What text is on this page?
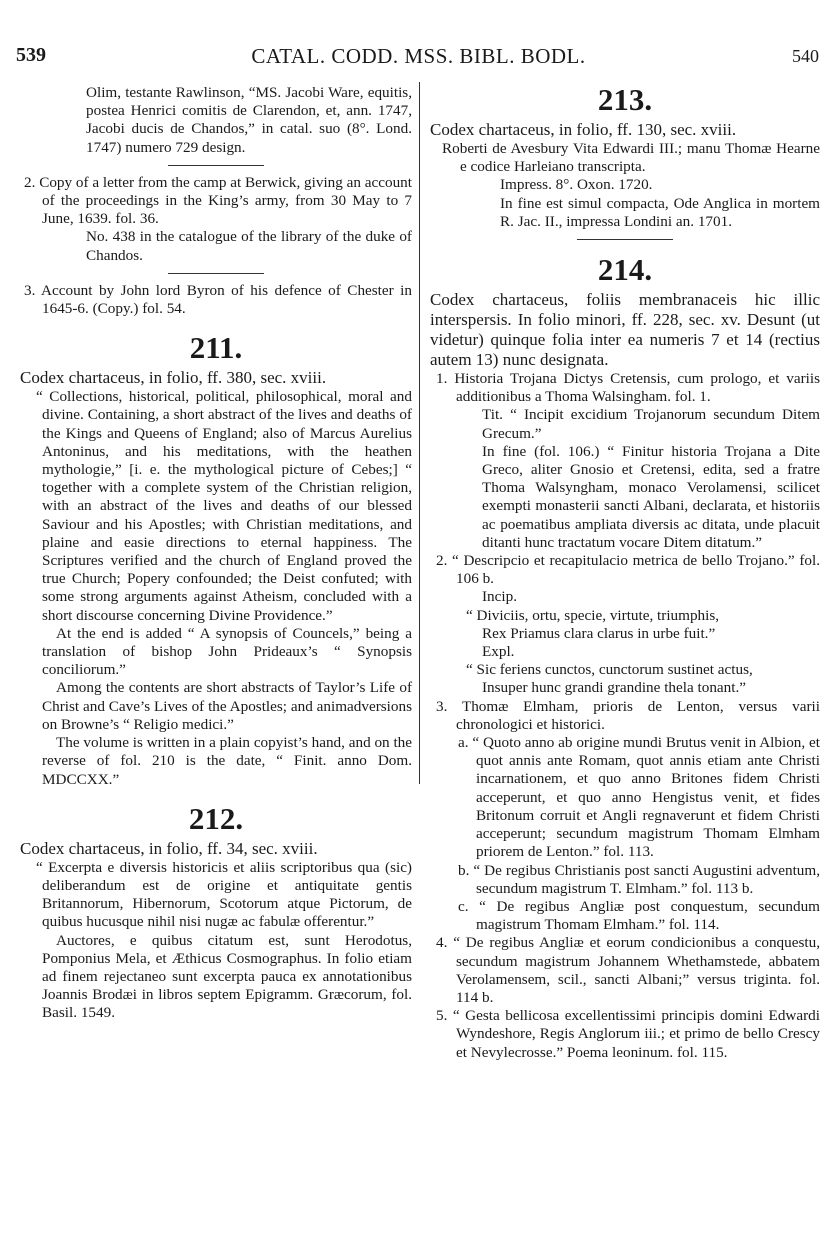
539	CATAL. CODD. MSS. BIBL. BODL.	540

Olim, testante Rawlinson, “MS. Jacobi Ware, equitis, postea Henrici comitis de Clarendon, et, ann. 1747, Jacobi ducis de Chandos,” in catal. suo (8°. Lond. 1747) numero 729 design.

2. Copy of a letter from the camp at Berwick, giving an account of the proceedings in the King’s army, from 30 May to 7 June, 1639. fol. 36.

No. 438 in the catalogue of the library of the duke of Chandos.

3. Account by John lord Byron of his defence of Chester in 1645-6. (Copy.) fol. 54.

211.

Codex chartaceus, in folio, ff. 380, sec. xviii.

“ Collections, historical, political, philosophical, moral and divine. Containing, a short abstract of the lives and deaths of the Kings and Queens of England; also of Marcus Aurelius Antoninus, and his meditations, with the heathen mythologie,” [i. e. the mythological picture of Cebes;] “ together with a complete system of the Christian religion, with an abstract of the lives and deaths of our blessed Saviour and his Apostles; with Christian meditations, and plaine and easie directions to eternal happiness. The Scriptures verified and the church of England proved the true Church; Popery confounded; the Deist confuted; with some strong arguments against Atheism, concluded with a short discourse concerning Divine Providence.”

At the end is added “ A synopsis of Councels,” being a translation of bishop John Prideaux’s “ Synopsis conciliorum.”

Among the contents are short abstracts of Taylor’s Life of Christ and Cave’s Lives of the Apostles; and animadversions on Browne’s “ Religio medici.”

The volume is written in a plain copyist’s hand, and on the reverse of fol. 210 is the date, “ Finit. anno Dom. MDCCXX.”

212.

Codex chartaceus, in folio, ff. 34, sec. xviii.

“ Excerpta e diversis historicis et aliis scriptoribus qua (sic) deliberandum est de origine et antiquitate gentis Britannorum, Hibernorum, Scotorum atque Pictorum, de quibus hucusque nihil nisi nugæ ac fabulæ offerentur.”

Auctores, e quibus citatum est, sunt Herodotus, Pomponius Mela, et Æthicus Cosmographus. In folio etiam ad finem rejectaneo sunt excerpta pauca ex annotationibus Joannis Brodæi in libros septem Epigramm. Græcorum, fol. Basil. 1549.

213.

Codex chartaceus, in folio, ff. 130, sec. xviii.

Roberti de Avesbury Vita Edwardi III.; manu Thomæ Hearne e codice Harleiano transcripta.

Impress. 8°. Oxon. 1720.

In fine est simul compacta, Ode Anglica in mortem R. Jac. II., impressa Londini an. 1701.

214.

Codex chartaceus, foliis membranaceis hic illic interspersis. In folio minori, ff. 228, sec. xv. Desunt (ut videtur) quinque folia inter ea numeris 7 et 14 (rectius autem 13) nunc designata.

1. Historia Trojana Dictys Cretensis, cum prologo, et variis additionibus a Thoma Walsingham. fol. 1.

Tit. “ Incipit excidium Trojanorum secundum Ditem Grecum.”

In fine (fol. 106.) “ Finitur historia Trojana a Dite Greco, aliter Gnosio et Cretensi, edita, sed a fratre Thoma Walsyngham, monaco Verolamensi, scilicet exempti monasterii sancti Albani, declarata, et historiis ac poematibus ampliata diversis ac ditata, unde placuit ditanti hunc tractatum vocare Ditem ditatum.”

2. “ Descripcio et recapitulacio metrica de bello Trojano.” fol. 106 b.

Incip.

“ Diviciis, ortu, specie, virtute, triumphis,

Rex Priamus clara clarus in urbe fuit.”

Expl.

“ Sic feriens cunctos, cunctorum sustinet actus,

Insuper hunc grandi grandine thela tonant.”

3. Thomæ Elmham, prioris de Lenton, versus varii chronologici et historici.

a. “ Quoto anno ab origine mundi Brutus venit in Albion, et quot annis ante Romam, quot annis etiam ante Christi incarnationem, et quo anno Britones fidem Christi acceperunt, et quo anno Hengistus venit, et fides Britonum corruit et Angli regnaverunt et fidem Christi acceperunt; secundum magistrum Thomam Elmham priorem de Lenton.” fol. 113.

b. “ De regibus Christianis post sancti Augustini adventum, secundum magistrum T. Elmham.” fol. 113 b.

c. “ De regibus Angliæ post conquestum, secundum magistrum Thomam Elmham.” fol. 114.

4. “ De regibus Angliæ et eorum condicionibus a conquestu, secundum magistrum Johannem Whethamstede, abbatem Verolamensem, scil., sancti Albani;” versus triginta. fol. 114 b.

5. “ Gesta bellicosa excellentissimi principis domini Edwardi Wyndeshore, Regis Anglorum iii.; et primo de bello Crescy et Nevylecrosse.” Poema leoninum. fol. 115.
